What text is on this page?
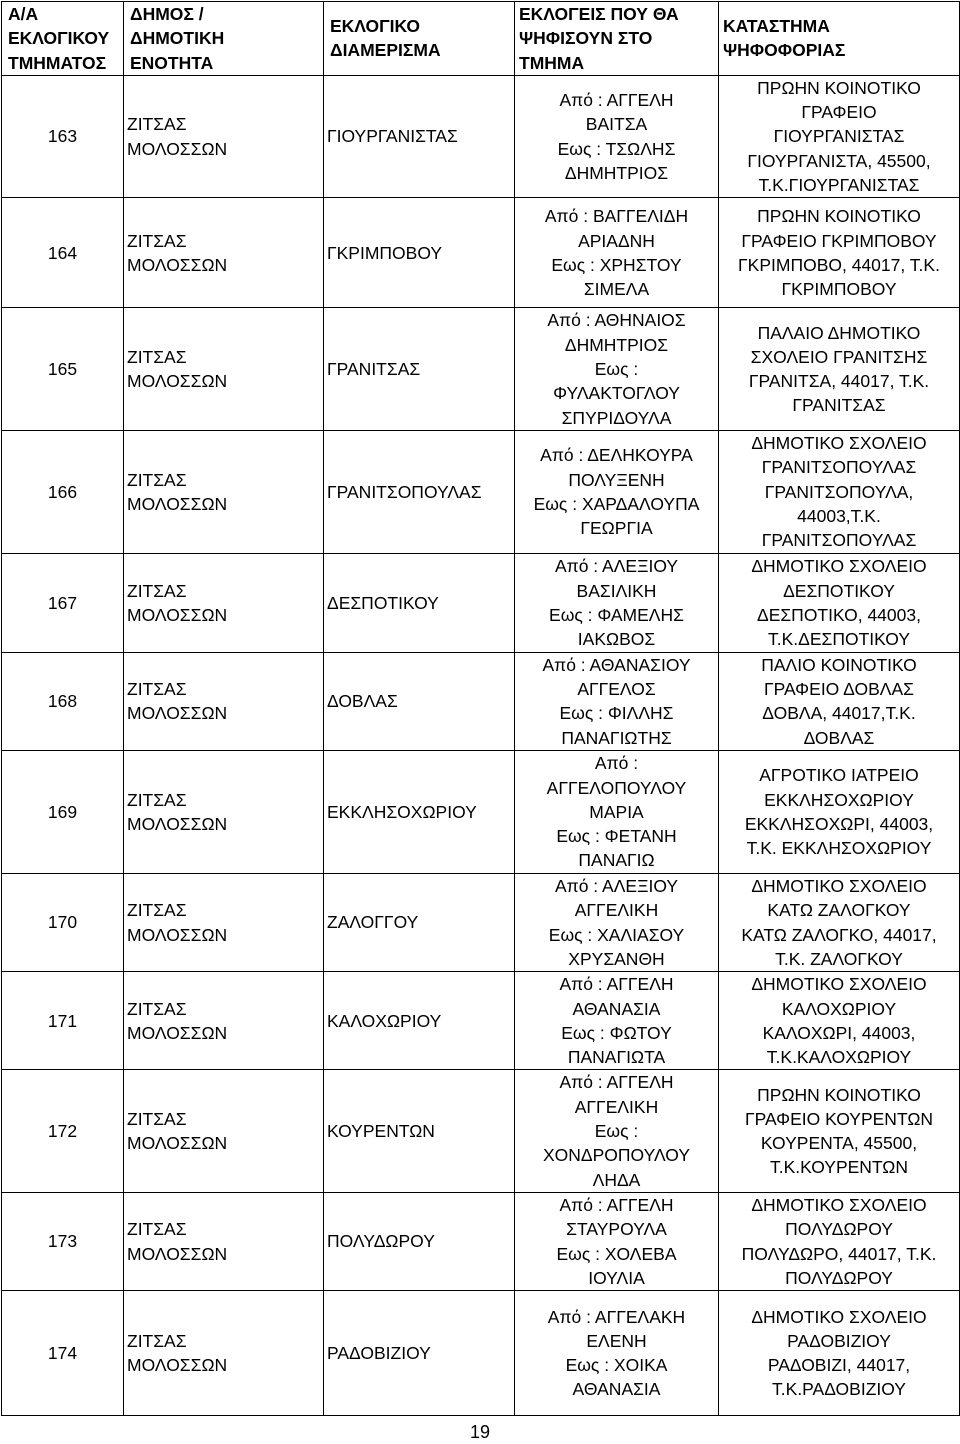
Α/Α
ΕΚΛΟΓΙΚΟΥ
ΤΜΗΜΑΤΟΣ	ΔΗΜΟΣ /
ΔΗΜΟΤΙΚΗ
ΕΝΟΤΗΤΑ	ΕΚΛΟΓΙΚΟ
ΔΙΑΜΕΡΙΣΜΑ	ΕΚΛΟΓΕΙΣ ΠΟΥ ΘΑ
ΨΗΦΙΣΟΥΝ ΣΤΟ
ΤΜΗΜΑ	ΚΑΤΑΣΤΗΜΑ
ΨΗΦΟΦΟΡΙΑΣ
163	ΖΙΤΣΑΣ
ΜΟΛΟΣΣΩΝ	ΓΙΟΥΡΓΑΝΙΣΤΑΣ	Από : ΑΓΓΕΛΗ
ΒΑΙΤΣΑ
Εως : ΤΣΩΛΗΣ
ΔΗΜΗΤΡΙΟΣ	ΠΡΩΗΝ ΚΟΙΝΟΤΙΚΟ
ΓΡΑΦΕΙΟ
ΓΙΟΥΡΓΑΝΙΣΤΑΣ
ΓΙΟΥΡΓΑΝΙΣΤΑ, 45500,
Τ.Κ.ΓΙΟΥΡΓΑΝΙΣΤΑΣ
164	ΖΙΤΣΑΣ
ΜΟΛΟΣΣΩΝ	ΓΚΡΙΜΠΟΒΟΥ	Από : ΒΑΓΓΕΛΙΔΗ
ΑΡΙΑΔΝΗ
Εως : ΧΡΗΣΤΟΥ
ΣΙΜΕΛΑ	ΠΡΩΗΝ ΚΟΙΝΟΤΙΚΟ
ΓΡΑΦΕΙΟ ΓΚΡΙΜΠΟΒΟΥ
ΓΚΡΙΜΠΟΒΟ, 44017, Τ.Κ.
ΓΚΡΙΜΠΟΒΟΥ
165	ΖΙΤΣΑΣ
ΜΟΛΟΣΣΩΝ	ΓΡΑΝΙΤΣΑΣ	Από : ΑΘΗΝΑΙΟΣ
ΔΗΜΗΤΡΙΟΣ
Εως :
ΦΥΛΑΚΤΟΓΛΟΥ
ΣΠΥΡΙΔΟΥΛΑ	ΠΑΛΑΙΟ ΔΗΜΟΤΙΚΟ
ΣΧΟΛΕΙΟ ΓΡΑΝΙΤΣΗΣ
ΓΡΑΝΙΤΣΑ, 44017, Τ.Κ.
ΓΡΑΝΙΤΣΑΣ
166	ΖΙΤΣΑΣ
ΜΟΛΟΣΣΩΝ	ΓΡΑΝΙΤΣΟΠΟΥΛΑΣ	Από : ΔΕΛΗΚΟΥΡΑ
ΠΟΛΥΞΕΝΗ
Εως : ΧΑΡΔΑΛΟΥΠΑ
ΓΕΩΡΓΙΑ	ΔΗΜΟΤΙΚΟ ΣΧΟΛΕΙΟ
ΓΡΑΝΙΤΣΟΠΟΥΛΑΣ
ΓΡΑΝΙΤΣΟΠΟΥΛΑ,
44003,Τ.Κ.
ΓΡΑΝΙΤΣΟΠΟΥΛΑΣ
167	ΖΙΤΣΑΣ
ΜΟΛΟΣΣΩΝ	ΔΕΣΠΟΤΙΚΟΥ	Από : ΑΛΕΞΙΟΥ
ΒΑΣΙΛΙΚΗ
Εως : ΦΑΜΕΛΗΣ
ΙΑΚΩΒΟΣ	ΔΗΜΟΤΙΚΟ ΣΧΟΛΕΙΟ
ΔΕΣΠΟΤΙΚΟΥ
ΔΕΣΠΟΤΙΚΟ, 44003,
Τ.Κ.ΔΕΣΠΟΤΙΚΟΥ
168	ΖΙΤΣΑΣ
ΜΟΛΟΣΣΩΝ	ΔΟΒΛΑΣ	Από : ΑΘΑΝΑΣΙΟΥ
ΑΓΓΕΛΟΣ
Εως : ΦΙΛΛΗΣ
ΠΑΝΑΓΙΩΤΗΣ	ΠΑΛΙΟ ΚΟΙΝΟΤΙΚΟ
ΓΡΑΦΕΙΟ ΔΟΒΛΑΣ
ΔΟΒΛΑ, 44017,Τ.Κ.
ΔΟΒΛΑΣ
169	ΖΙΤΣΑΣ
ΜΟΛΟΣΣΩΝ	ΕΚΚΛΗΣΟΧΩΡΙΟΥ	Από :
ΑΓΓΕΛΟΠΟΥΛΟΥ
ΜΑΡΙΑ
Εως : ΦΕΤΑΝΗ
ΠΑΝΑΓΙΩ	ΑΓΡΟΤΙΚΟ ΙΑΤΡΕΙΟ
ΕΚΚΛΗΣΟΧΩΡΙΟΥ
ΕΚΚΛΗΣΟΧΩΡΙ, 44003,
Τ.Κ. ΕΚΚΛΗΣΟΧΩΡΙΟΥ
170	ΖΙΤΣΑΣ
ΜΟΛΟΣΣΩΝ	ΖΑΛΟΓΓΟΥ	Από : ΑΛΕΞΙΟΥ
ΑΓΓΕΛΙΚΗ
Εως : ΧΑΛΙΑΣΟΥ
ΧΡΥΣΑΝΘΗ	ΔΗΜΟΤΙΚΟ ΣΧΟΛΕΙΟ
ΚΑΤΩ ΖΑΛΟΓΚΟΥ
ΚΑΤΩ ΖΑΛΟΓΚΟ, 44017,
Τ.Κ. ΖΑΛΟΓΚΟΥ
171	ΖΙΤΣΑΣ
ΜΟΛΟΣΣΩΝ	ΚΑΛΟΧΩΡΙΟΥ	Από : ΑΓΓΕΛΗ
ΑΘΑΝΑΣΙΑ
Εως : ΦΩΤΟΥ
ΠΑΝΑΓΙΩΤΑ	ΔΗΜΟΤΙΚΟ ΣΧΟΛΕΙΟ
ΚΑΛΟΧΩΡΙΟΥ
ΚΑΛΟΧΩΡΙ, 44003,
Τ.Κ.ΚΑΛΟΧΩΡΙΟΥ
172	ΖΙΤΣΑΣ
ΜΟΛΟΣΣΩΝ	ΚΟΥΡΕΝΤΩΝ	Από : ΑΓΓΕΛΗ
ΑΓΓΕΛΙΚΗ
Εως :
ΧΟΝΔΡΟΠΟΥΛΟΥ
ΛΗΔΑ	ΠΡΩΗΝ ΚΟΙΝΟΤΙΚΟ
ΓΡΑΦΕΙΟ ΚΟΥΡΕΝΤΩΝ
ΚΟΥΡΕΝΤΑ, 45500,
Τ.Κ.ΚΟΥΡΕΝΤΩΝ
173	ΖΙΤΣΑΣ
ΜΟΛΟΣΣΩΝ	ΠΟΛΥΔΩΡΟΥ	Από : ΑΓΓΕΛΗ
ΣΤΑΥΡΟΥΛΑ
Εως : ΧΟΛΕΒΑ
ΙΟΥΛΙΑ	ΔΗΜΟΤΙΚΟ ΣΧΟΛΕΙΟ
ΠΟΛΥΔΩΡΟΥ
ΠΟΛΥΔΩΡΟ, 44017, Τ.Κ.
ΠΟΛΥΔΩΡΟΥ
174	ΖΙΤΣΑΣ
ΜΟΛΟΣΣΩΝ	ΡΑΔΟΒΙΖΙΟΥ	Από : ΑΓΓΕΛΑΚΗ
ΕΛΕΝΗ
Εως : ΧΟΙΚΑ
ΑΘΑΝΑΣΙΑ	ΔΗΜΟΤΙΚΟ ΣΧΟΛΕΙΟ
ΡΑΔΟΒΙΖΙΟΥ
ΡΑΔΟΒΙΖΙ, 44017,
Τ.Κ.ΡΑΔΟΒΙΖΙΟΥ
19
